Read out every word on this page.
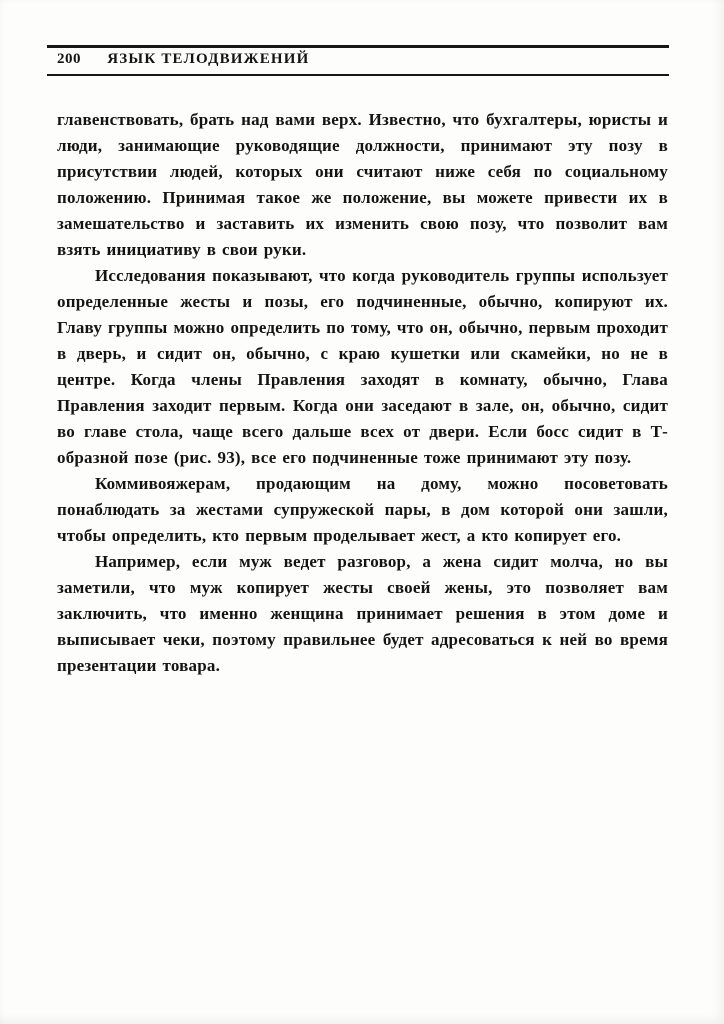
200 ЯЗЫК ТЕЛОДВИЖЕНИЙ

главенствовать, брать над вами верх. Известно, что бухгалтеры, юристы и люди, занимающие руководящие должности, принимают эту позу в присутствии людей, которых они считают ниже себя по социальному положению. Принимая такое же положение, вы можете привести их в замешательство и заставить их изменить свою позу, что позволит вам взять инициативу в свои руки.

Исследования показывают, что когда руководитель группы использует определенные жесты и позы, его подчиненные, обычно, копируют их. Главу группы можно определить по тому, что он, обычно, первым проходит в дверь, и сидит он, обычно, с краю кушетки или скамейки, но не в центре. Когда члены Правления заходят в комнату, обычно, Глава Правления заходит первым. Когда они заседают в зале, он, обычно, сидит во главе стола, чаще всего дальше всех от двери. Если босс сидит в Т-образной позе (рис. 93), все его подчиненные тоже принимают эту позу.

Коммивояжерам, продающим на дому, можно посоветовать понаблюдать за жестами супружеской пары, в дом которой они зашли, чтобы определить, кто первым проделывает жест, а кто копирует его.

Например, если муж ведет разговор, а жена сидит молча, но вы заметили, что муж копирует жесты своей жены, это позволяет вам заключить, что именно женщина принимает решения в этом доме и выписывает чеки, поэтому правильнее будет адресоваться к ней во время презентации товара.
